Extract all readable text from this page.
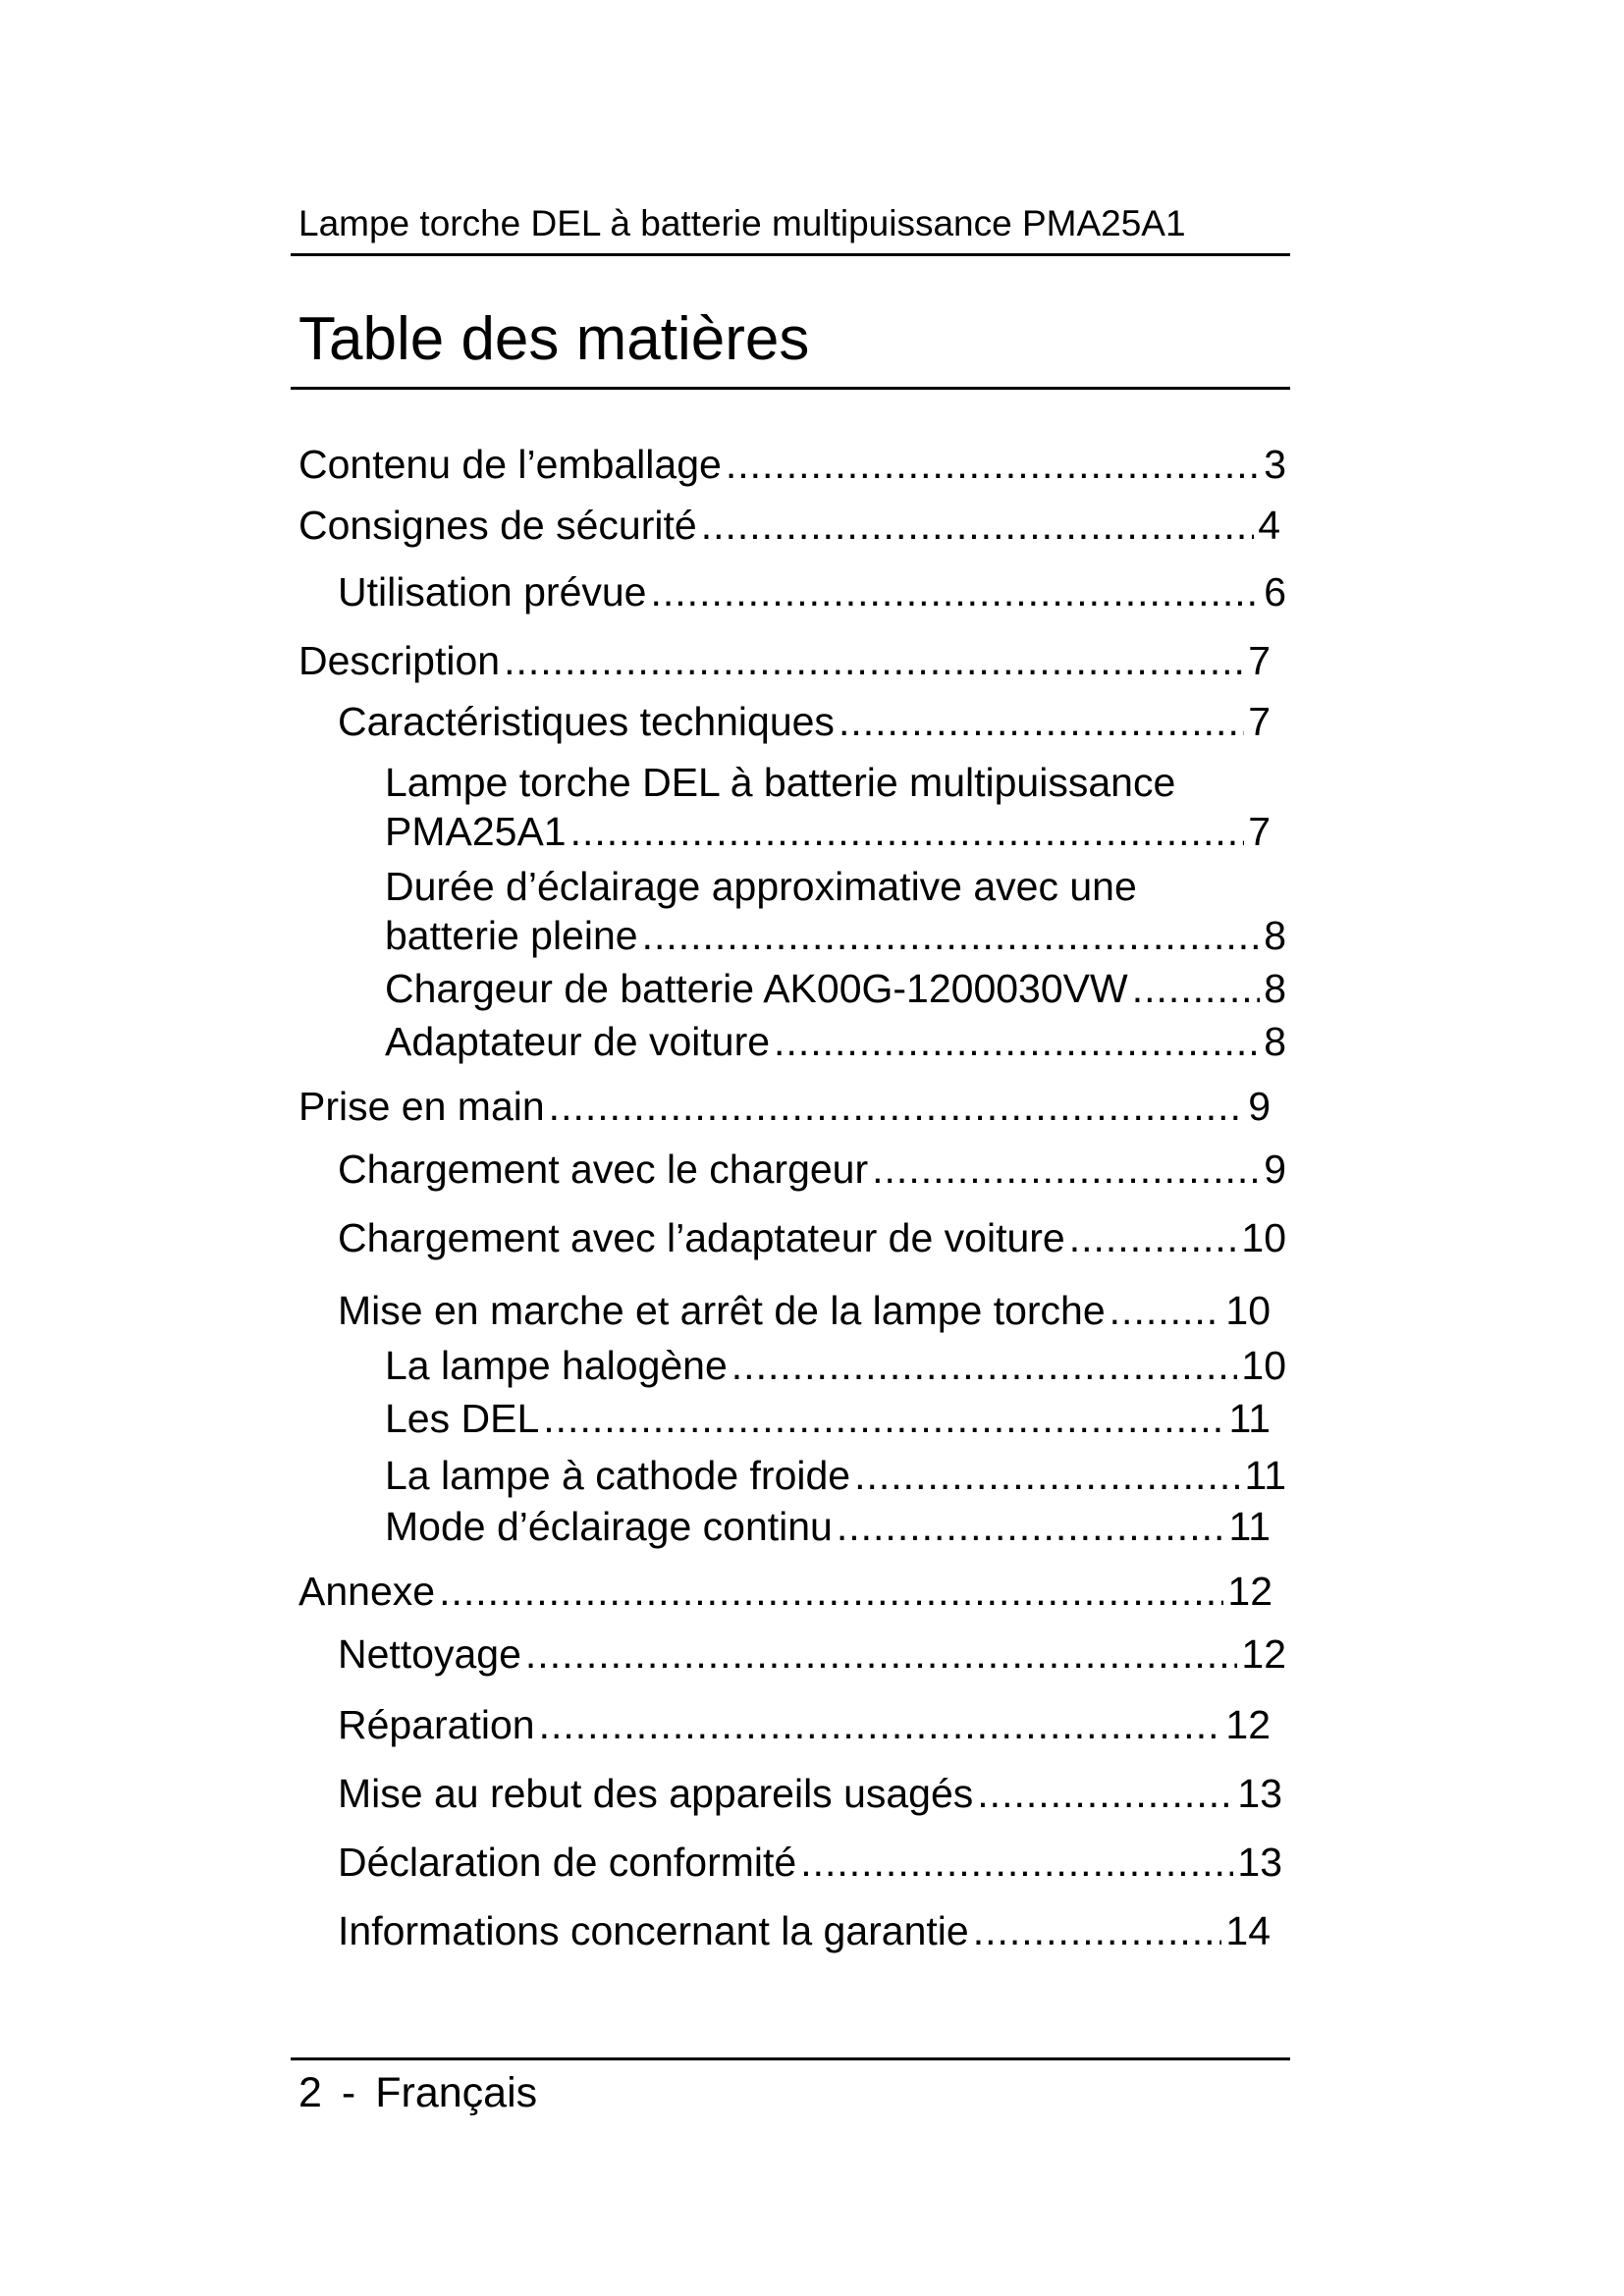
Lampe torche DEL à batterie multipuissance PMA25A1
Table des matières
Contenu de l’emballage .....	3
Consignes de sécurité .....	4
Utilisation prévue .....	6
Description .....	7
Caractéristiques techniques .....	7
Lampe torche DEL à batterie multipuissance
PMA25A1 .....	7
Durée d’éclairage approximative avec une
batterie pleine .....	8
Chargeur de batterie AK00G-1200030VW .....	8
Adaptateur de voiture .....	8
Prise en main .....	9
Chargement avec le chargeur .....	9
Chargement avec l’adaptateur de voiture .....	10
Mise en marche et arrêt de la lampe torche .....	10
La lampe halogène .....	10
Les DEL .....	11
La lampe à cathode froide .....	11
Mode d’éclairage continu .....	11
Annexe .....	12
Nettoyage .....	12
Réparation .....	12
Mise au rebut des appareils usagés .....	13
Déclaration de conformité .....	13
Informations concernant la garantie .....	14
2 - Français
